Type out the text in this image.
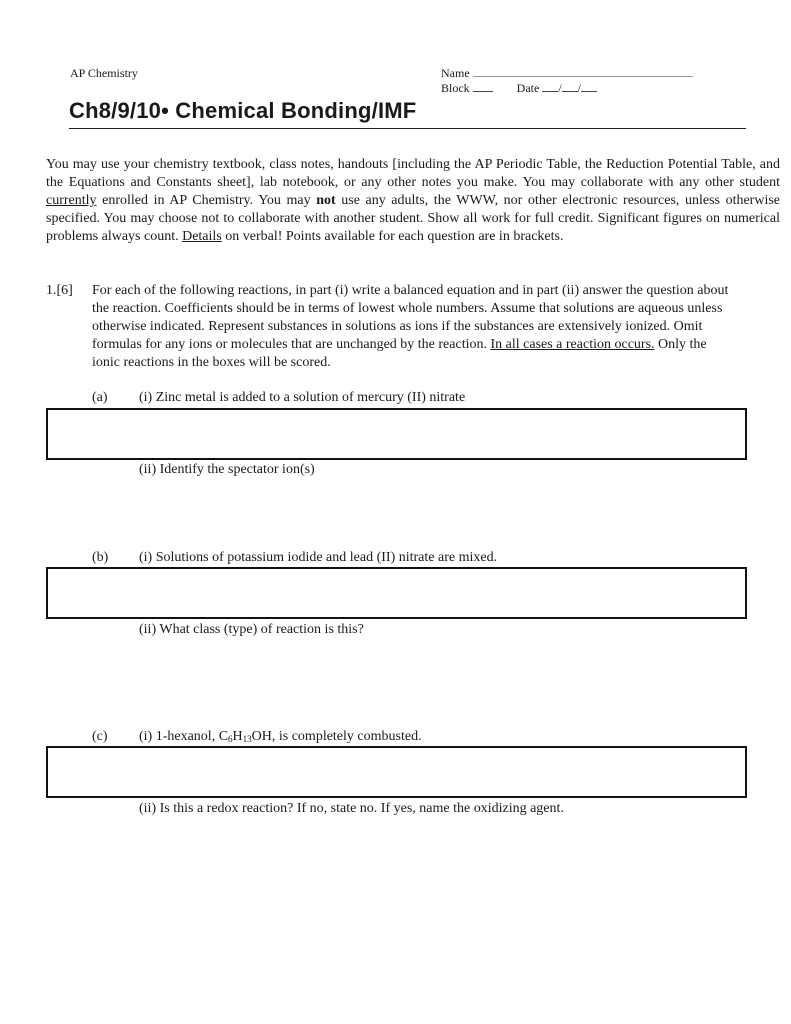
AP Chemistry	Name
Block	Date / /
Ch8/9/10• Chemical Bonding/IMF
You may use your chemistry textbook, class notes, handouts [including the AP Periodic Table, the Reduction Potential Table, and the Equations and Constants sheet], lab notebook, or any other notes you make. You may collaborate with any other student currently enrolled in AP Chemistry. You may not use any adults, the WWW, nor other electronic resources, unless otherwise specified. You may choose not to collaborate with another student. Show all work for full credit. Significant figures on numerical problems always count. Details on verbal! Points available for each question are in brackets.
1.[6] For each of the following reactions, in part (i) write a balanced equation and in part (ii) answer the question about the reaction. Coefficients should be in terms of lowest whole numbers. Assume that solutions are aqueous unless otherwise indicated. Represent substances in solutions as ions if the substances are extensively ionized. Omit formulas for any ions or molecules that are unchanged by the reaction. In all cases a reaction occurs. Only the ionic reactions in the boxes will be scored.
(a) (i) Zinc metal is added to a solution of mercury (II) nitrate
(ii) Identify the spectator ion(s)
(b) (i) Solutions of potassium iodide and lead (II) nitrate are mixed.
(ii) What class (type) of reaction is this?
(c) (i) 1-hexanol, $C_6H_{13}OH$, is completely combusted.
(ii) Is this a redox reaction? If no, state no. If yes, name the oxidizing agent.
